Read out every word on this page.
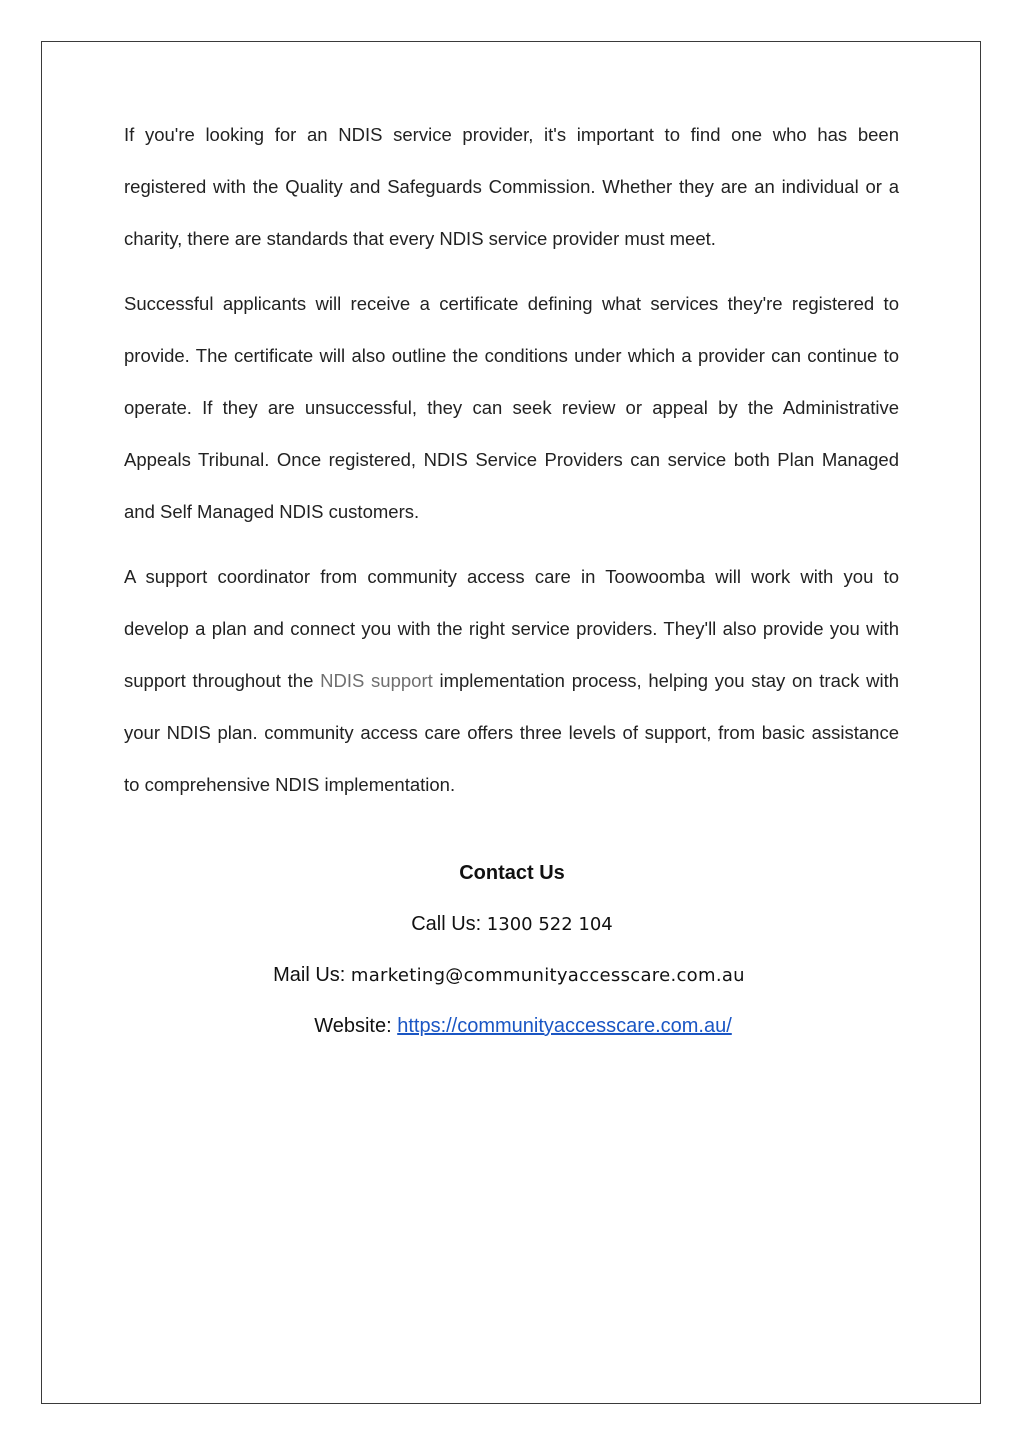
If you're looking for an NDIS service provider, it's important to find one who has been registered with the Quality and Safeguards Commission. Whether they are an individual or a charity, there are standards that every NDIS service provider must meet.

Successful applicants will receive a certificate defining what services they're registered to provide. The certificate will also outline the conditions under which a provider can continue to operate. If they are unsuccessful, they can seek review or appeal by the Administrative Appeals Tribunal. Once registered, NDIS Service Providers can service both Plan Managed and Self Managed NDIS customers.

A support coordinator from community access care in Toowoomba will work with you to develop a plan and connect you with the right service providers. They'll also provide you with support throughout the NDIS support implementation process, helping you stay on track with your NDIS plan. community access care offers three levels of support, from basic assistance to comprehensive NDIS implementation.

Contact Us
Call Us: 1300 522 104
Mail Us: marketing@communityaccesscare.com.au
Website: https://communityaccesscare.com.au/
